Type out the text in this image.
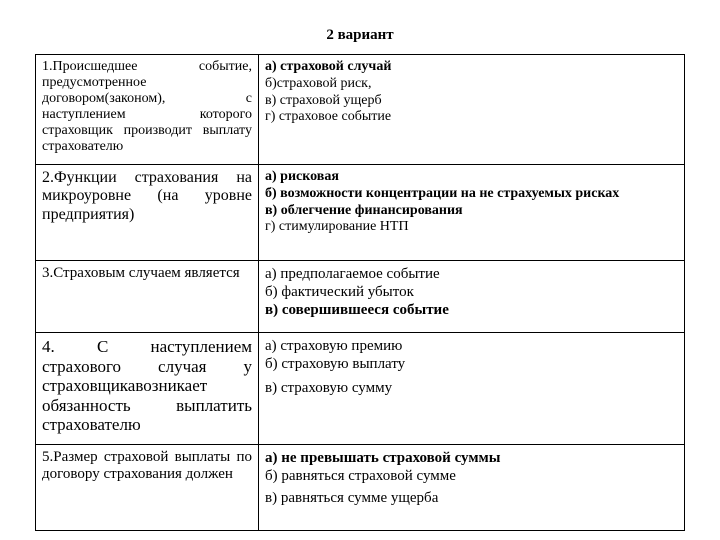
2 вариант
1.Происшедшее событие, предусмотренное договором(законом), с наступлением которого страховщик производит выплату страхователю	а) страховой случай
б)страховой риск,
в) страховой ущерб
г) страховое событие

2.Функции страхования на микроуровне (на уровне предприятия)	а) рисковая
б) возможности концентрации на не страхуемых рисках
в) облегчение финансирования
г) стимулирование НТП

3.Страховым случаем является	а) предполагаемое событие
б) фактический убыток
в) совершившееся событие

4. С наступлением страхового случая у страховщикавозникает обязанность выплатить страхователю	а) страховую премию
б) страховую выплату
в) страховую сумму

5.Размер страховой выплаты по договору страхования должен	а) не превышать страховой суммы
б) равняться страховой сумме
в) равняться сумме ущерба
